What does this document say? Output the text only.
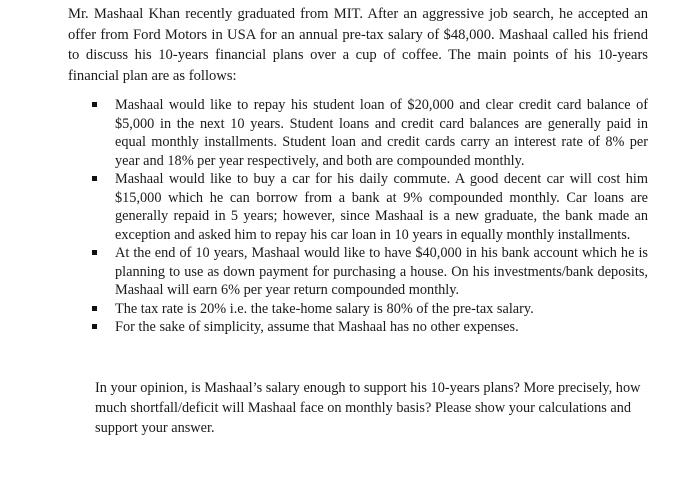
Mr. Mashaal Khan recently graduated from MIT. After an aggressive job search, he accepted an offer from Ford Motors in USA for an annual pre-tax salary of $48,000. Mashaal called his friend to discuss his 10-years financial plans over a cup of coffee. The main points of his 10-years financial plan are as follows:

Mashaal would like to repay his student loan of $20,000 and clear credit card balance of $5,000 in the next 10 years. Student loans and credit card balances are generally paid in equal monthly installments. Student loan and credit cards carry an interest rate of 8% per year and 18% per year respectively, and both are compounded monthly.
Mashaal would like to buy a car for his daily commute. A good decent car will cost him $15,000 which he can borrow from a bank at 9% compounded monthly. Car loans are generally repaid in 5 years; however, since Mashaal is a new graduate, the bank made an exception and asked him to repay his car loan in 10 years in equally monthly installments.
At the end of 10 years, Mashaal would like to have $40,000 in his bank account which he is planning to use as down payment for purchasing a house. On his investments/bank deposits, Mashaal will earn 6% per year return compounded monthly.
The tax rate is 20% i.e. the take-home salary is 80% of the pre-tax salary.
For the sake of simplicity, assume that Mashaal has no other expenses.

In your opinion, is Mashaal’s salary enough to support his 10-years plans? More precisely, how much shortfall/deficit will Mashaal face on monthly basis? Please show your calculations and support your answer.
